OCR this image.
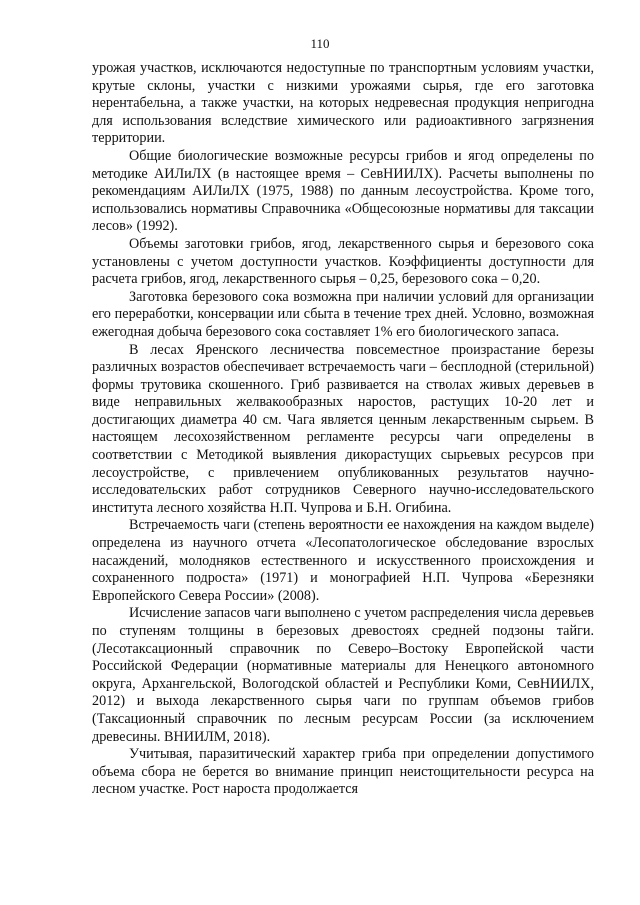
110

урожая участков, исключаются недоступные по транспортным условиям участки, крутые склоны, участки с низкими урожаями сырья, где его заготовка нерентабельна, а также участки, на которых недревесная продукция непригодна для использования вследствие химического или радиоактивного загрязнения территории.

Общие биологические возможные ресурсы грибов и ягод определены по методике АИЛиЛХ (в настоящее время – СевНИИЛХ). Расчеты выполнены по рекомендациям АИЛиЛХ (1975, 1988) по данным лесоустройства. Кроме того, использовались нормативы Справочника «Общесоюзные нормативы для таксации лесов» (1992).

Объемы заготовки грибов, ягод, лекарственного сырья и березового сока установлены с учетом доступности участков. Коэффициенты доступности для расчета грибов, ягод, лекарственного сырья – 0,25, березового сока – 0,20.

Заготовка березового сока возможна при наличии условий для организации его переработки, консервации или сбыта в течение трех дней. Условно, возможная ежегодная добыча березового сока составляет 1% его биологического запаса.

В лесах Яренского лесничества повсеместное произрастание березы различных возрастов обеспечивает встречаемость чаги – бесплодной (стерильной) формы трутовика скошенного. Гриб развивается на стволах живых деревьев в виде неправильных желвакообразных наростов, растущих 10-20 лет и достигающих диаметра 40 см. Чага является ценным лекарственным сырьем. В настоящем лесохозяйственном регламенте ресурсы чаги определены в соответствии с Методикой выявления дикорастущих сырьевых ресурсов при лесоустройстве, с привлечением опубликованных результатов научно-исследовательских работ сотрудников Северного научно-исследовательского института лесного хозяйства Н.П. Чупрова и Б.Н. Огибина.

Встречаемость чаги (степень вероятности ее нахождения на каждом выделе) определена из научного отчета «Лесопатологическое обследование взрослых насаждений, молодняков естественного и искусственного происхождения и сохраненного подроста» (1971) и монографией Н.П. Чупрова «Березняки Европейского Севера России» (2008).

Исчисление запасов чаги выполнено с учетом распределения числа деревьев по ступеням толщины в березовых древостоях средней подзоны тайги. (Лесотаксационный справочник по Северо–Востоку Европейской части Российской Федерации (нормативные материалы для Ненецкого автономного округа, Архангельской, Вологодской областей и Республики Коми, СевНИИЛХ, 2012) и выхода лекарственного сырья чаги по группам объемов грибов (Таксационный справочник по лесным ресурсам России (за исключением древесины. ВНИИЛМ, 2018).

Учитывая, паразитический характер гриба при определении допустимого объема сбора не берется во внимание принцип неистощительности ресурса на лесном участке. Рост нароста продолжается
